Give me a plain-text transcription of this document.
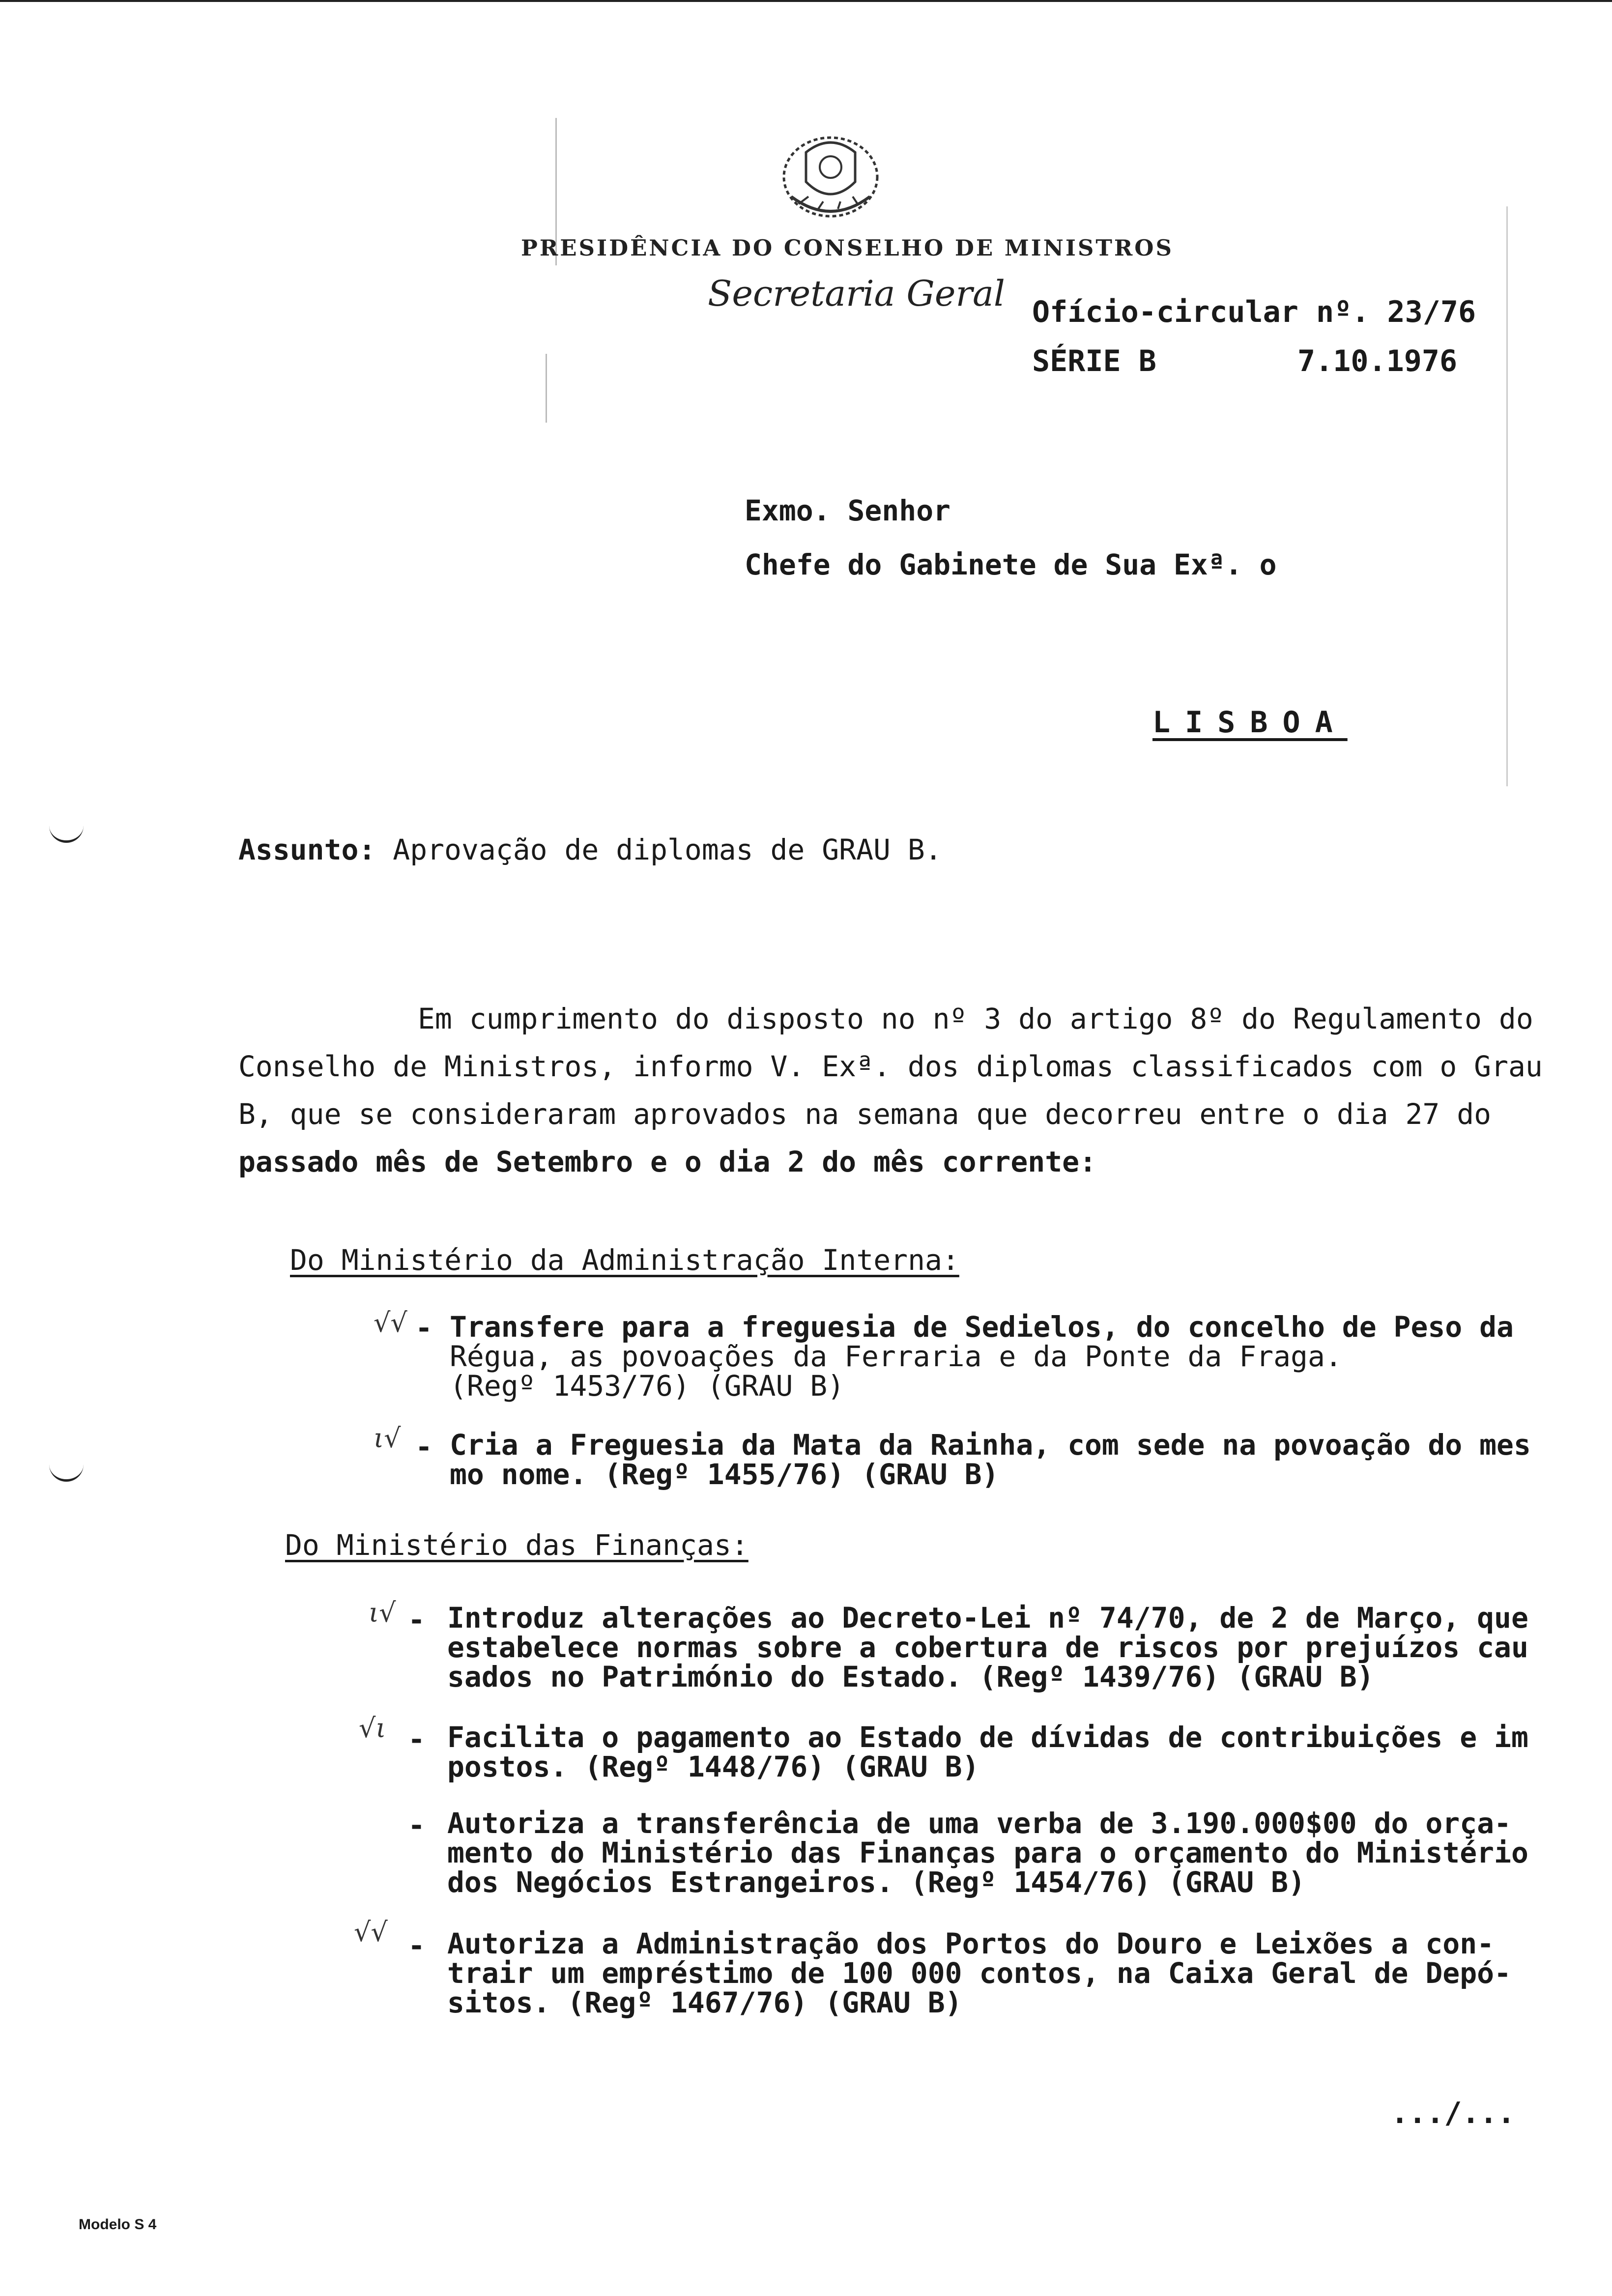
PRESIDÊNCIA DO CONSELHO DE MINISTROS
Secretaria Geral Ofício-circular nº. 23/76
SÉRIE B	7.10.1976
Exmo. Senhor
Chefe do Gabinete de Sua Exª. o
LISBOA
Assunto: Aprovação de diplomas de GRAU B.
Em cumprimento do disposto no nº 3 do artigo 8º do Regulamento do
Conselho de Ministros, informo V. Exª. dos diplomas classificados com o Grau
B, que se consideraram aprovados na semana que decorreu entre o dia 27 do
passado mês de Setembro e o dia 2 do mês corrente:
Do Ministério da Administração Interna:
√√ - Transfere para a freguesia de Sedielos, do concelho de Peso da
Régua, as povoações da Ferraria e da Ponte da Fraga.
(Regº 1453/76) (GRAU B)
ι√ - Cria a Freguesia da Mata da Rainha, com sede na povoação do mes
mo nome. (Regº 1455/76) (GRAU B)
Do Ministério das Finanças:
ι√ - Introduz alterações ao Decreto-Lei nº 74/70, de 2 de Março, que
estabelece normas sobre a cobertura de riscos por prejuízos cau
sados no Património do Estado. (Regº 1439/76) (GRAU B)
√ι - Facilita o pagamento ao Estado de dívidas de contribuições e im
postos. (Regº 1448/76) (GRAU B)
- Autoriza a transferência de uma verba de 3.190.000$00 do orça-
mento do Ministério das Finanças para o orçamento do Ministério
dos Negócios Estrangeiros. (Regº 1454/76) (GRAU B)
√√ - Autoriza a Administração dos Portos do Douro e Leixões a con-
trair um empréstimo de 100 000 contos, na Caixa Geral de Depó-
sitos. (Regº 1467/76) (GRAU B)
.../...
Modelo S 4
